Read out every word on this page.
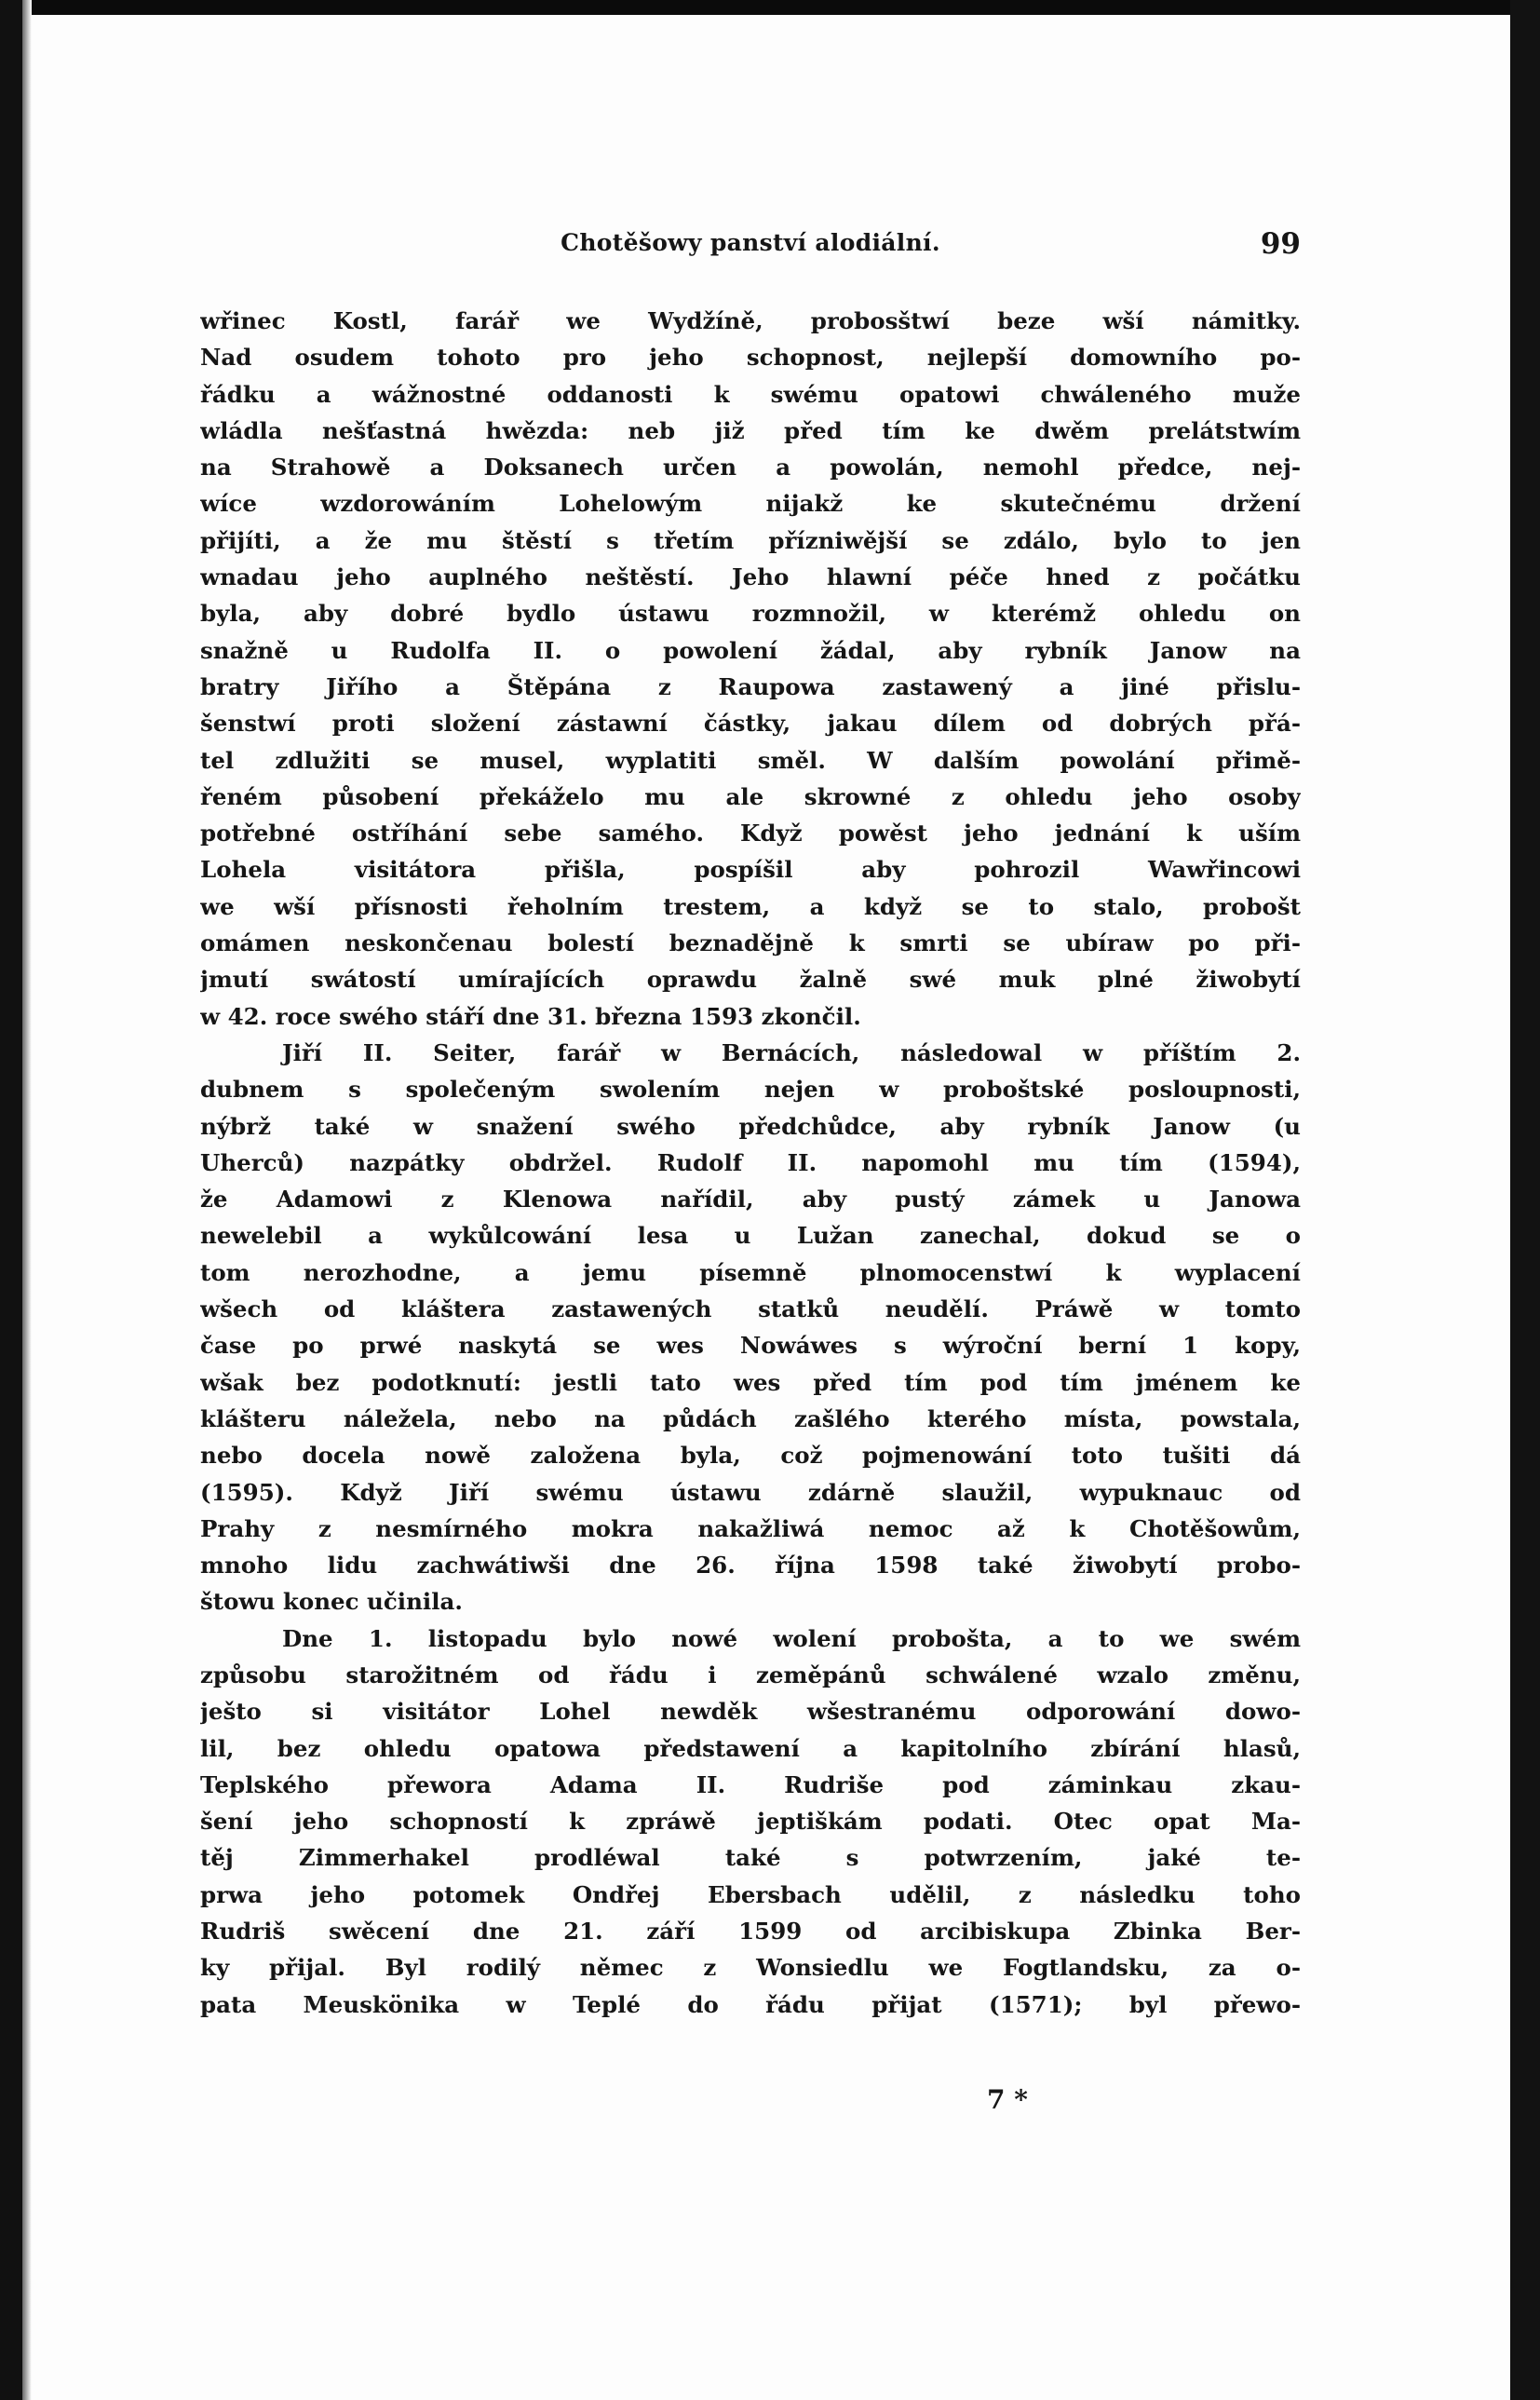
Chotěšowy panství alodiální.	99
wřinec Kostl, farář we Wydžíně, probosštwí beze wší námitky.
Nad osudem tohoto pro jeho schopnost, nejlepší domowního po-
řádku a wážnostné oddanosti k swému opatowi chwáleného muže
wládla nešťastná hwězda: neb již před tím ke dwěm prelátstwím
na Strahowě a Doksanech určen a powolán, nemohl předce, nej-
wíce wzdorowáním Lohelowým nijakž ke skutečnému držení
přijíti, a že mu štěstí s třetím přízniwější se zdálo, bylo to jen
wnadau jeho auplného neštěstí. Jeho hlawní péče hned z počátku
byla, aby dobré bydlo ústawu rozmnožil, w kterémž ohledu on
snažně u Rudolfa II. o powolení žádal, aby rybník Janow na
bratry Jiřího a Štěpána z Raupowa zastawený a jiné přislu-
šenstwí proti složení zástawní částky, jakau dílem od dobrých přá-
tel zdlužiti se musel, wyplatiti směl. W dalším powolání přimě-
řeném působení překáželo mu ale skrowné z ohledu jeho osoby
potřebné ostříhání sebe samého. Když powěst jeho jednání k uším
Lohela visitátora přišla, pospíšil aby pohrozil Wawřincowi
we wší přísnosti řeholním trestem, a když se to stalo, probošt
omámen neskončenau bolestí beznadějně k smrti se ubíraw po při-
jmutí swátostí umírajících oprawdu žalně swé muk plné žiwobytí
w 42. roce swého stáří dne 31. března 1593 zkončil.
Jiří II. Seiter, farář w Bernácích, následowal w příštím 2.
dubnem s společeným swolením nejen w proboštské posloupnosti,
nýbrž také w snažení swého předchůdce, aby rybník Janow (u
Uherců) nazpátky obdržel. Rudolf II. napomohl mu tím (1594),
že Adamowi z Klenowa nařídil, aby pustý zámek u Janowa
newelebil a wykůlcowání lesa u Lužan zanechal, dokud se o
tom nerozhodne, a jemu písemně plnomocenstwí k wyplacení
wšech od kláštera zastawených statků neudělí. Práwě w tomto
čase po prwé naskytá se wes Nowáwes s wýroční berní 1 kopy,
wšak bez podotknutí: jestli tato wes před tím pod tím jménem ke
klášteru náležela, nebo na půdách zašlého kterého místa, powstala,
nebo docela nowě založena byla, což pojmenowání toto tušiti dá
(1595). Když Jiří swému ústawu zdárně slaužil, wypuknauc od
Prahy z nesmírného mokra nakažliwá nemoc až k Chotěšowům,
mnoho lidu zachwátiwši dne 26. října 1598 také žiwobytí probo-
štowu konec učinila.
Dne 1. listopadu bylo nowé wolení probošta, a to we swém
způsobu starožitném od řádu i zeměpánů schwálené wzalo změnu,
ješto si visitátor Lohel newděk wšestranému odporowání dowo-
lil, bez ohledu opatowa předstawení a kapitolního zbírání hlasů,
Teplského přewora Adama II. Rudriše pod záminkau zkau-
šení jeho schopností k zpráwě jeptiškám podati. Otec opat Ma-
těj Zimmerhakel prodléwal také s potwrzením, jaké te-
prwa jeho potomek Ondřej Ebersbach udělil, z následku toho
Rudriš swěcení dne 21. září 1599 od arcibiskupa Zbinka Ber-
ky přijal. Byl rodilý němec z Wonsiedlu we Fogtlandsku, za o-
pata Meuskönika w Teplé do řádu přijat (1571); byl přewo-
7 *
